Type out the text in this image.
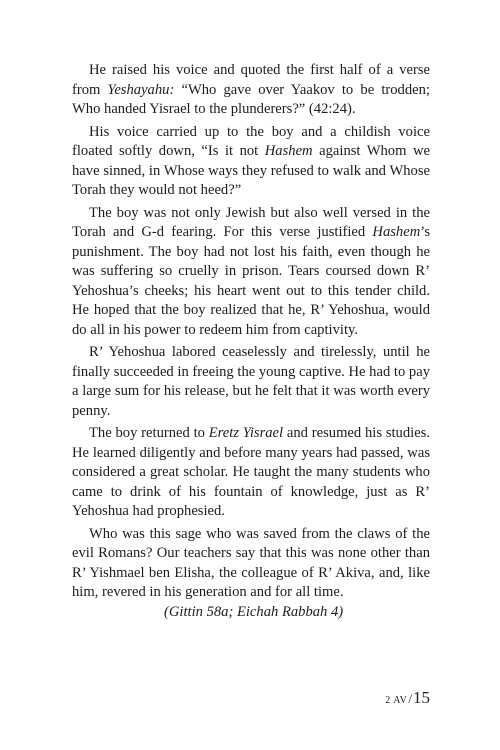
He raised his voice and quoted the first half of a verse from Yeshayahu: “Who gave over Yaakov to be trodden; Who handed Yisrael to the plunderers?” (42:24).

His voice carried up to the boy and a childish voice floated softly down, “Is it not Hashem against Whom we have sinned, in Whose ways they refused to walk and Whose Torah they would not heed?”

The boy was not only Jewish but also well versed in the Torah and G-d fearing. For this verse justified Hashem’s punishment. The boy had not lost his faith, even though he was suffering so cruelly in prison. Tears coursed down R’ Yehoshua’s cheeks; his heart went out to this tender child. He hoped that the boy realized that he, R’ Yehoshua, would do all in his power to redeem him from captivity.

R’ Yehoshua labored ceaselessly and tirelessly, until he finally succeeded in freeing the young captive. He had to pay a large sum for his release, but he felt that it was worth every penny.

The boy returned to Eretz Yisrael and resumed his studies. He learned diligently and before many years had passed, was considered a great scholar. He taught the many students who came to drink of his fountain of knowledge, just as R’ Yehoshua had prophesied.

Who was this sage who was saved from the claws of the evil Romans? Our teachers say that this was none other than R’ Yishmael ben Elisha, the colleague of R’ Akiva, and, like him, revered in his generation and for all time.

(Gittin 58a; Eichah Rabbah 4)

2 AV/15
